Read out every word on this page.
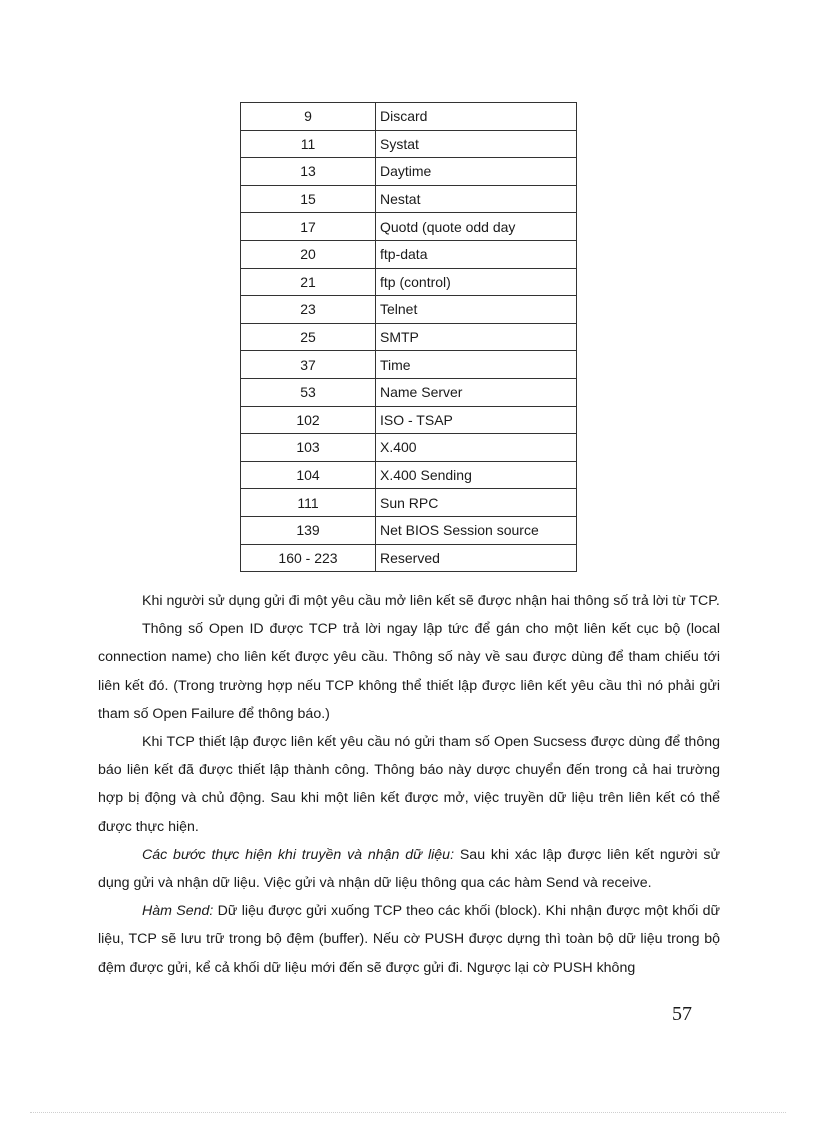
9	Discard
11	Systat
13	Daytime
15	Nestat
17	Quotd (quote odd day
20	ftp-data
21	ftp (control)
23	Telnet
25	SMTP
37	Time
53	Name Server
102	ISO - TSAP
103	X.400
104	X.400 Sending
111	Sun RPC
139	Net BIOS Session source
160 - 223	Reserved

Khi người sử dụng gửi đi một yêu cầu mở liên kết sẽ được nhận hai thông số trả lời từ TCP.

Thông số Open ID được TCP trả lời ngay lập tức để gán cho một liên kết cục bộ (local connection name) cho liên kết được yêu cầu. Thông số này về sau được dùng để tham chiếu tới liên kết đó. (Trong trường hợp nếu TCP không thể thiết lập được liên kết yêu cầu thì nó phải gửi tham số Open Failure để thông báo.)

Khi TCP thiết lập được liên kết yêu cầu nó gửi tham số Open Sucsess được dùng để thông báo liên kết đã được thiết lập thành công. Thông báo này dược chuyển đến trong cả hai trường hợp bị động và chủ động. Sau khi một liên kết được mở, việc truyền dữ liệu trên liên kết có thể được thực hiện.

Các bước thực hiện khi truyền và nhận dữ liệu: Sau khi xác lập được liên kết người sử dụng gửi và nhận dữ liệu. Việc gửi và nhận dữ liệu thông qua các hàm Send và receive.

Hàm Send: Dữ liệu được gửi xuống TCP theo các khối (block). Khi nhận được một khối dữ liệu, TCP sẽ lưu trữ trong bộ đệm (buffer). Nếu cờ PUSH được dựng thì toàn bộ dữ liệu trong bộ đệm được gửi, kể cả khối dữ liệu mới đến sẽ được gửi đi. Ngược lại cờ PUSH không

57
